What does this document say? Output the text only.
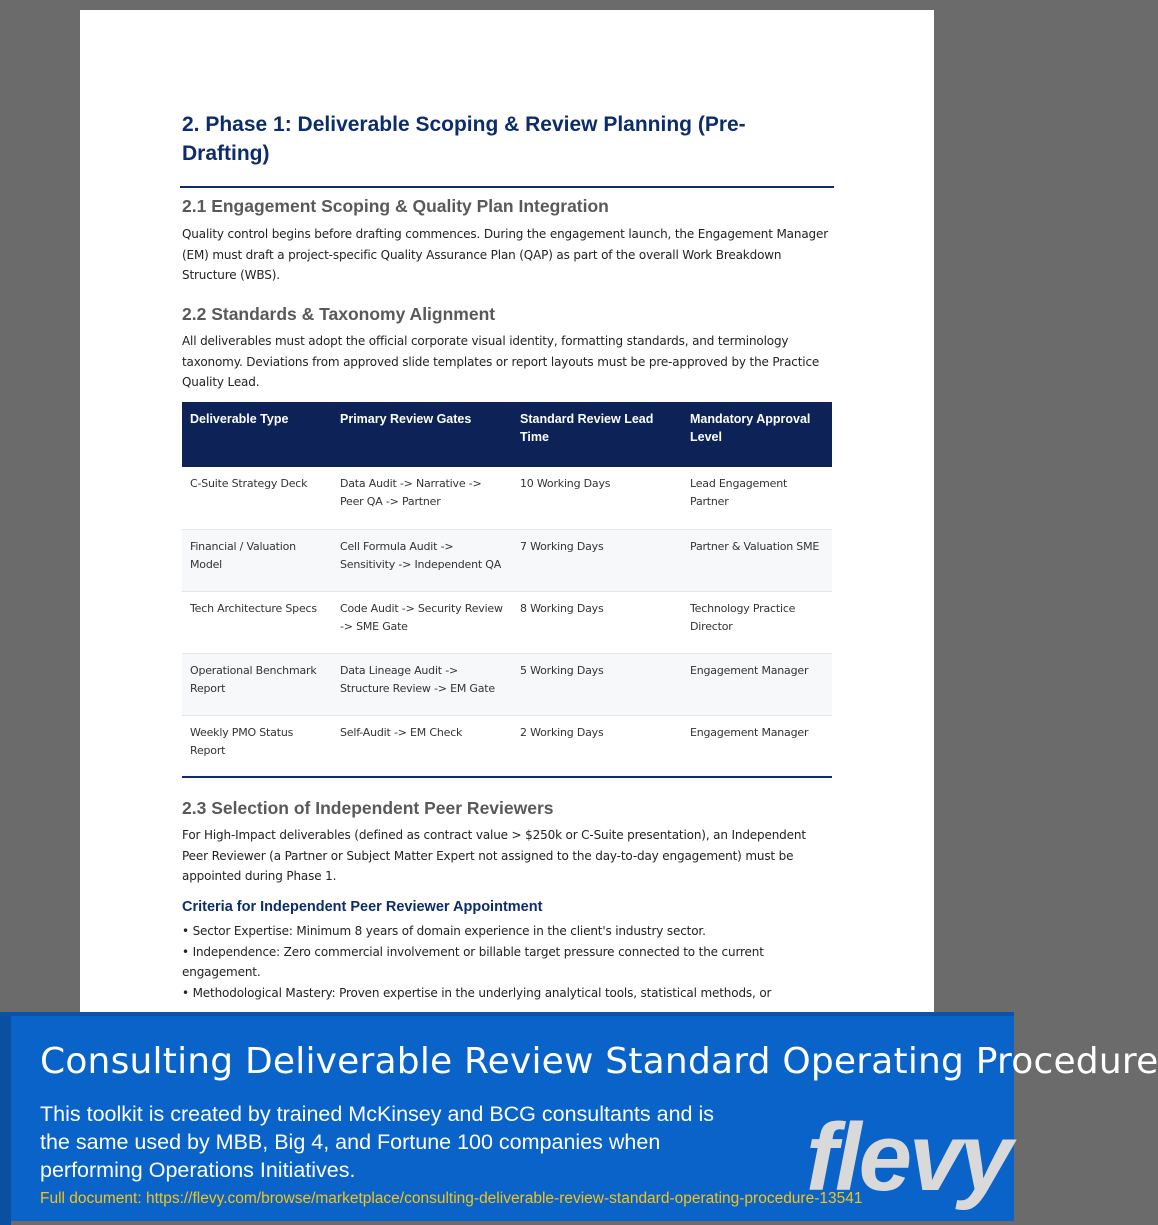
2. Phase 1: Deliverable Scoping & Review Planning (Pre-Drafting)
2.1 Engagement Scoping & Quality Plan Integration

Quality control begins before drafting commences. During the engagement launch, the Engagement Manager (EM) must draft a project-specific Quality Assurance Plan (QAP) as part of the overall Work Breakdown Structure (WBS).

2.2 Standards & Taxonomy Alignment

All deliverables must adopt the official corporate visual identity, formatting standards, and terminology taxonomy. Deviations from approved slide templates or report layouts must be pre-approved by the Practice Quality Lead.

Deliverable Type	Primary Review Gates	Standard Review Lead Time	Mandatory Approval Level
C-Suite Strategy Deck	Data Audit -> Narrative -> Peer QA -> Partner	10 Working Days	Lead Engagement Partner
Financial / Valuation Model	Cell Formula Audit -> Sensitivity -> Independent QA	7 Working Days	Partner & Valuation SME
Tech Architecture Specs	Code Audit -> Security Review -> SME Gate	8 Working Days	Technology Practice Director
Operational Benchmark Report	Data Lineage Audit -> Structure Review -> EM Gate	5 Working Days	Engagement Manager
Weekly PMO Status Report	Self-Audit -> EM Check	2 Working Days	Engagement Manager
2.3 Selection of Independent Peer Reviewers

For High-Impact deliverables (defined as contract value > $250k or C-Suite presentation), an Independent Peer Reviewer (a Partner or Subject Matter Expert not assigned to the day-to-day engagement) must be appointed during Phase 1.

Criteria for Independent Peer Reviewer Appointment
• Sector Expertise: Minimum 8 years of domain experience in the client's industry sector.
• Independence: Zero commercial involvement or billable target pressure connected to the current engagement.
• Methodological Mastery: Proven expertise in the underlying analytical tools, statistical methods, or
Consulting Deliverable Review Standard Operating Procedure

This toolkit is created by trained McKinsey and BCG consultants and is the same used by MBB, Big 4, and Fortune 100 companies when performing Operations Initiatives.

Full document: https://flevy.com/browse/marketplace/consulting-deliverable-review-standard-operating-procedure-13541
flevy
